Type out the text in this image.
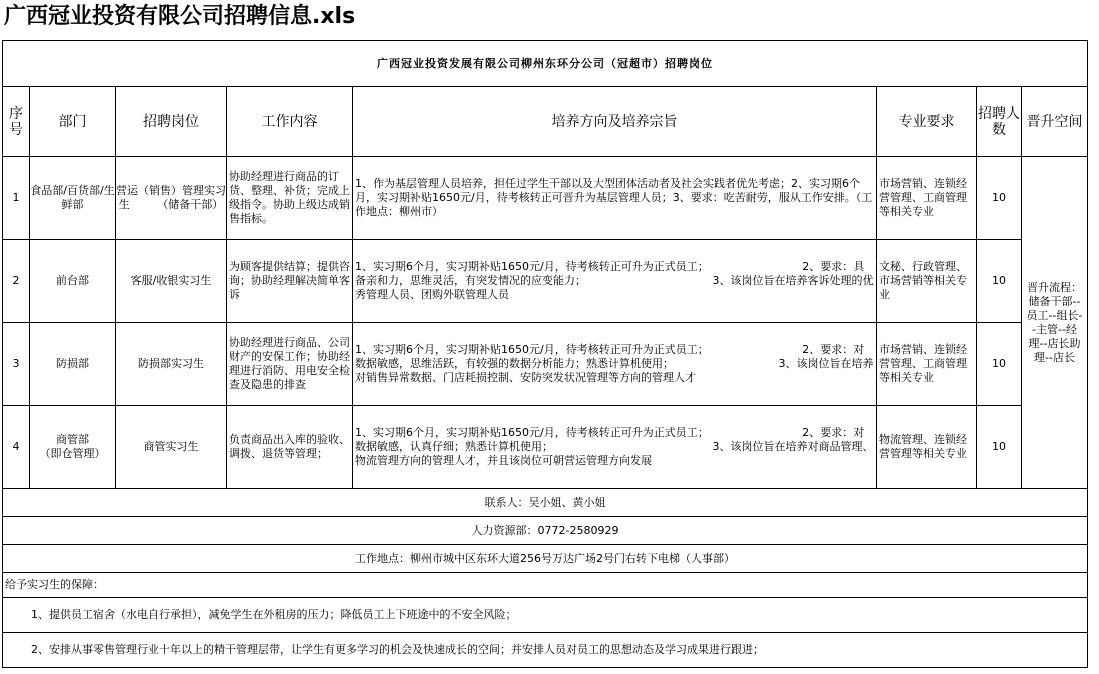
广西冠业投资有限公司招聘信息.xls
广西冠业投资发展有限公司柳州东环分公司（冠超市）招聘岗位							
序号	部门	招聘岗位	工作内容	培养方向及培养宗旨	专业要求	招聘人数	晋升空间
1	食品部/百货部/生鲜部	营运（销售）管理实习生　　　（储备干部）	协助经理进行商品的订货、整理、补货；完成上级指令。协助上级达成销售指标。	1、作为基层管理人员培养，担任过学生干部以及大型团体活动者及社会实践者优先考虑；2、实习期6个月，实习期补贴1650元/月，待考核转正可晋升为基层管理人员；3、要求：吃苦耐劳，服从工作安排。（工作地点：柳州市）	市场营销、连锁经营管理、工商管理等相关专业	10	晋升流程：储备干部--员工--组长--主管--经理--店长助理--店长
2	前台部	客服/收银实习生	为顾客提供结算；提供咨询；协助经理解决简单客诉	1、实习期6个月，实习期补贴1650元/月，待考核转正可升为正式员工；　　　　　　　　　2、要求：具备亲和力，思维灵活，有突发情况的应变能力；　　　　　　　　　　　　3、该岗位旨在培养客诉处理的优秀管理人员、团购外联管理人员	文秘、行政管理、市场营销等相关专业	10	
3	防损部	防损部实习生	协助经理进行商品、公司财产的安保工作；协助经理进行消防、用电安全检查及隐患的排查	1、实习期6个月，实习期补贴1650元/月，待考核转正可升为正式员工；　　　　　　　　　2、要求：对数据敏感，思维活跃，有较强的数据分析能力；熟悉计算机使用；　　　　　　　　　　3、该岗位旨在培养对销售异常数据、门店耗损控制、安防突发状况管理等方向的管理人才	市场营销、连锁经营管理、工商管理等相关专业	10	
4	商管部　　　　　（即仓管理）	商管实习生	负责商品出入库的验收、调拨、退货等管理；	1、实习期6个月，实习期补贴1650元/月，待考核转正可升为正式员工；　　　　　　　　　2、要求：对数据敏感，认真仔细；熟悉计算机使用；　　　　　　　　　　　　　　　3、该岗位旨在培养对商品管理、物流管理方向的管理人才，并且该岗位可朝营运管理方向发展	物流管理、连锁经营管理等相关专业	10	
联系人：吴小姐、黄小姐							
人力资源部：0772-2580929							
工作地点：柳州市城中区东环大道256号万达广场2号门右转下电梯（人事部）							
给予实习生的保障：							
1、提供员工宿舍（水电自行承担），减免学生在外租房的压力；降低员工上下班途中的不安全风险；							
2、安排从事零售管理行业十年以上的精干管理层带，让学生有更多学习的机会及快速成长的空间；并安排人员对员工的思想动态及学习成果进行跟进；							
